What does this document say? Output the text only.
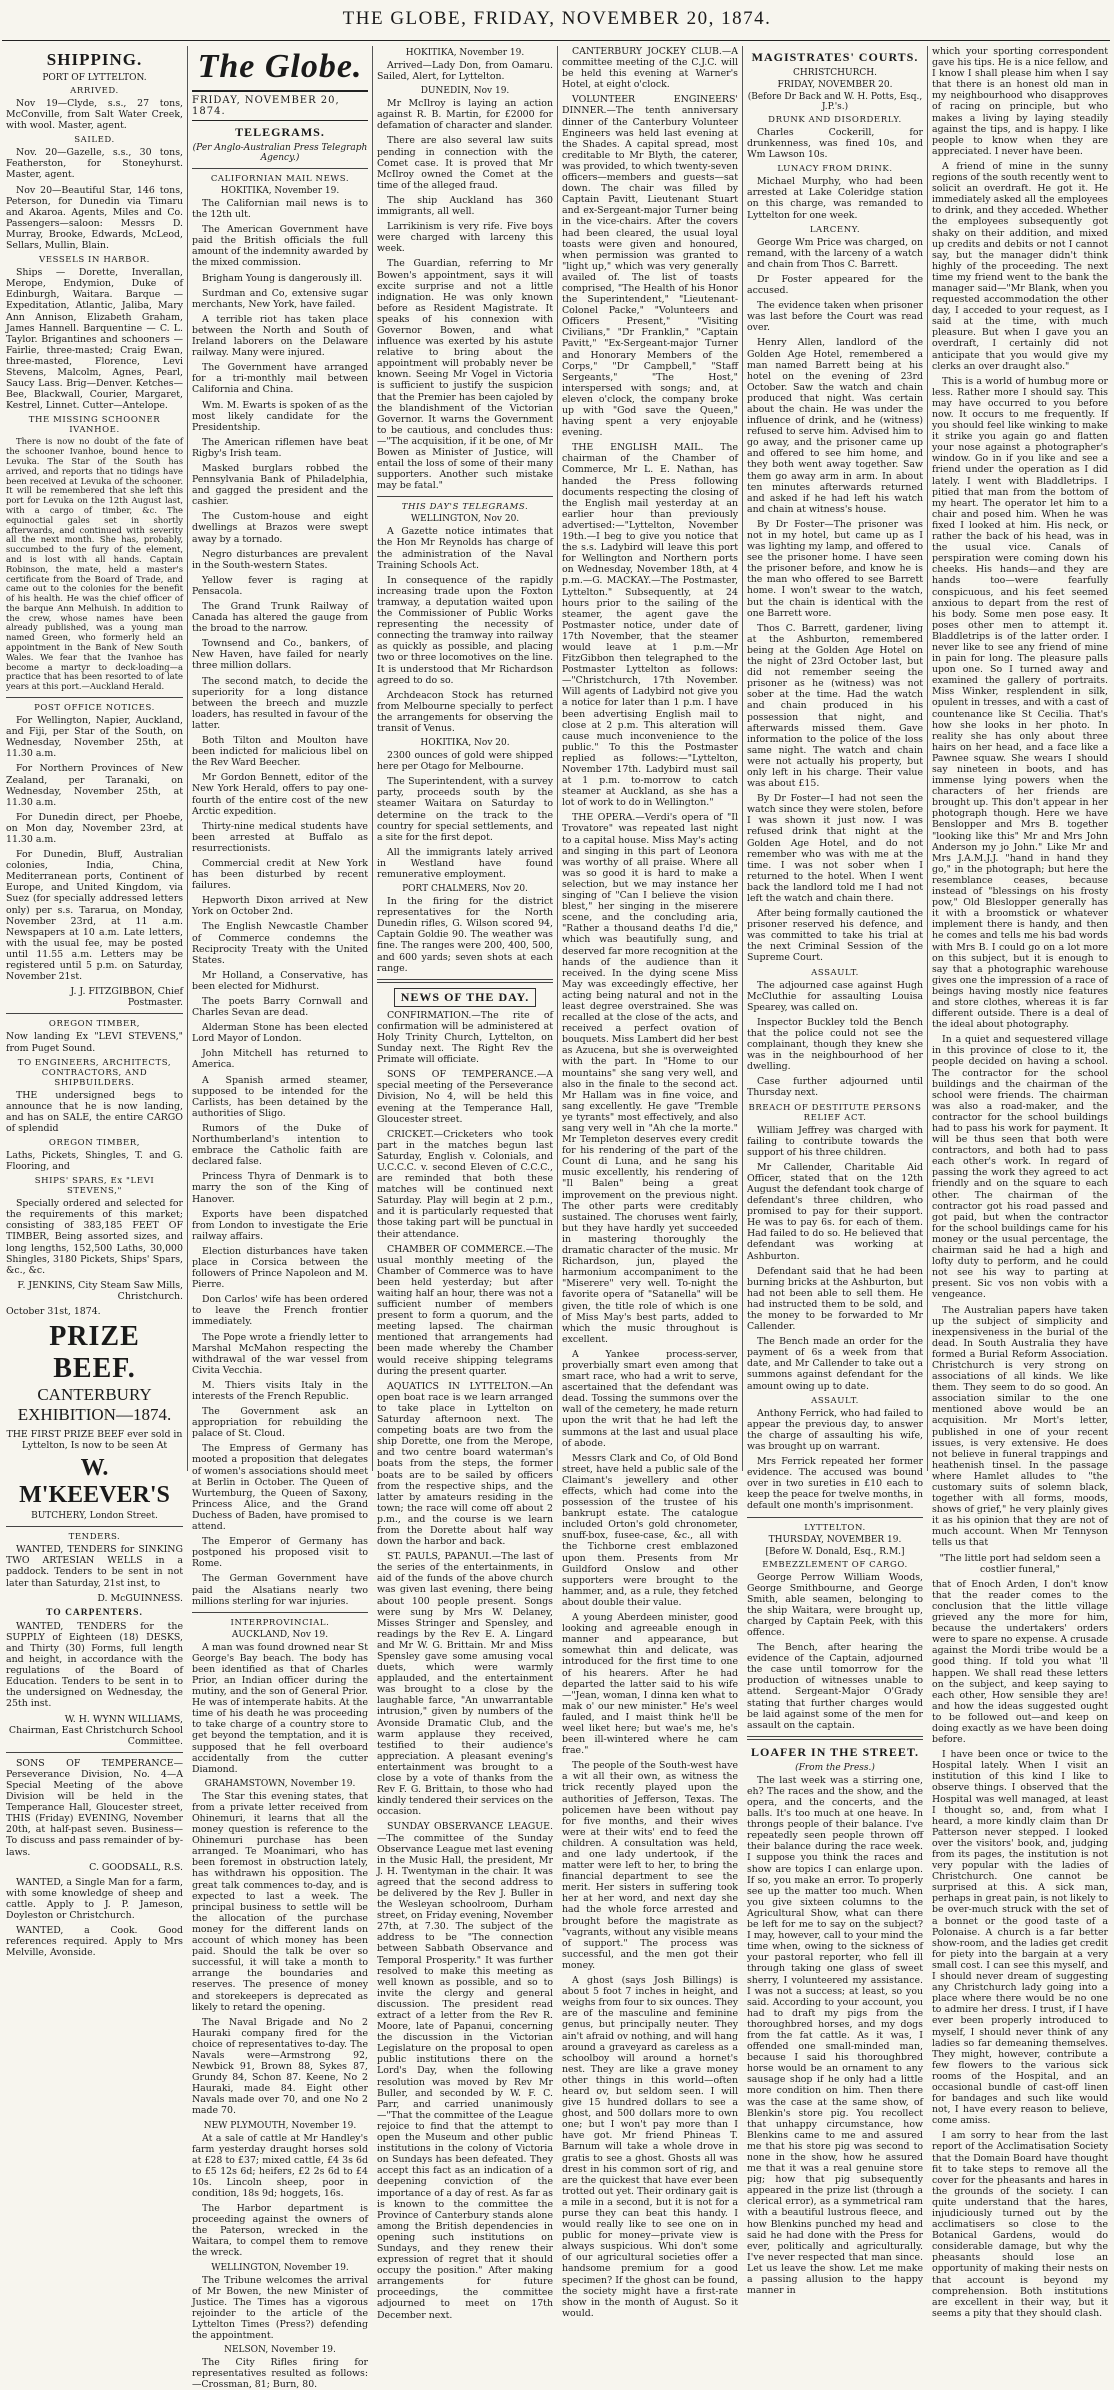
THE GLOBE, FRIDAY, NOVEMBER 20, 1874.
SHIPPING.
PORT OF LYTTELTON.
ARRIVED.

Nov 19—Clyde, s.s., 27 tons, McConville, from Salt Water Creek, with wool. Master, agent.

SAILED.

Nov. 20—Gazelle, s.s., 30 tons, Featherston, for Stoneyhurst. Master, agent.

Nov 20—Beautiful Star, 146 tons, Peterson, for Dunedin via Timaru and Akaroa. Agents, Miles and Co. Passengers—saloon: Messrs D. Murray, Brooke, Edwards, McLeod, Sellars, Mullin, Blain.

VESSELS IN HARBOR.

Ships — Dorette, Inverallan, Merope, Endymion, Duke of Edinburgh, Waitara. Barque — Expeditation, Atlantic, Jaliba, Mary Ann Annison, Elizabeth Graham, James Hannell. Barquentine — C. L. Taylor. Brigantines and schooners — Fairlie, three-masted; Craig Ewan, three-masted, Florence, Levi Stevens, Malcolm, Agnes, Pearl, Saucy Lass. Brig—Denver. Ketches—Bee, Blackwall, Courier, Margaret, Kestrel, Linnet. Cutter—Antelope.

THE MISSING SCHOONER IVANHOE.

There is now no doubt of the fate of the schooner Ivanhoe, bound hence to Levuka. The Star of the South has arrived, and reports that no tidings have been received at Levuka of the schooner. It will be remembered that she left this port for Levuka on the 12th August last, with a cargo of timber, &c. The equinoctial gales set in shortly afterwards, and continued with severity all the next month. She has, probably, succumbed to the fury of the element, and is lost with all hands. Captain Robinson, the mate, held a master's certificate from the Board of Trade, and came out to the colonies for the benefit of his health. He was the chief officer of the barque Ann Melhuish. In addition to the crew, whose names have been already published, was a young man named Green, who formerly held an appointment in the Bank of New South Wales. We fear that the Ivanhoe has become a martyr to deck-loading—a practice that has been resorted to of late years at this port.—Auckland Herald.

POST OFFICE NOTICES.

For Wellington, Napier, Auckland, and Fiji, per Star of the South, on Wednesday, November 25th, at 11.30 a.m.

For Northern Provinces of New Zealand, per Taranaki, on Wednesday, November 25th, at 11.30 a.m.

For Dunedin direct, per Phoebe, on Mon day, November 23rd, at 11.30 a.m.

For Dunedin, Bluff, Australian colonies, India, China, Mediterranean ports, Continent of Europe, and United Kingdom, via Suez (for specially addressed letters only) per s.s. Tararua, on Monday, November 23rd, at 11 a.m. Newspapers at 10 a.m. Late letters, with the usual fee, may be posted until 11.55 a.m. Letters may be registered until 5 p.m. on Saturday, November 21st.

J. J. FITZGIBBON, Chief Postmaster.

OREGON TIMBER,

Now landing Ex "LEVI STEVENS," from Puget Sound.

TO ENGINEERS, ARCHITECTS, CONTRACTORS, AND SHIPBUILDERS.

THE undersigned begs to announce that he is now landing, and has on SALE, the entire CARGO of splendid

OREGON TIMBER,

Laths, Pickets, Shingles, T. and G. Flooring, and

SHIPS' SPARS, Ex "LEVI STEVENS,"

Specially ordered and selected for the requirements of this market; consisting of 383,185 FEET OF TIMBER, Being assorted sizes, and long lengths, 152,500 Laths, 30,000 Shingles, 3180 Pickets, Ships' Spars, &c., &c.

F. JENKINS, City Steam Saw Mills, Christchurch.

October 31st, 1874.

PRIZE BEEF.
CANTERBURY EXHIBITION—1874.

THE FIRST PRIZE BEEF ever sold in Lyttelton, Is now to be seen At

W. M'KEEVER'S
BUTCHERY, London Street.
TENDERS.

WANTED, TENDERS for SINKING TWO ARTESIAN WELLS in a paddock. Tenders to be sent in not later than Saturday, 21st inst, to

D. McGUINNESS.

TO CARPENTERS.

WANTED, TENDERS for the SUPPLY of Eighteen (18) DESKS, and Thirty (30) Forms, full length and height, in accordance with the regulations of the Board of Education. Tenders to be sent in to the undersigned on Wednesday, the 25th inst.

W. H. WYNN WILLIAMS, Chairman, East Christchurch School Committee.

SONS OF TEMPERANCE—Perseverance Division, No. 4—A Special Meeting of the above Division will be held in the Temperance Hall, Gloucester street, THIS (Friday) EVENING, November 20th, at half-past seven. Business—To discuss and pass remainder of by-laws.

C. GOODSALL, R.S.

WANTED, a Single Man for a farm, with some knowledge of sheep and cattle. Apply to J. P. Jameson, Doyleston or Christchurch.

WANTED, a Cook. Good references required. Apply to Mrs Melville, Avonside.

The Globe.
FRIDAY, NOVEMBER 20, 1874.
TELEGRAMS.
(Per Anglo-Australian Press Telegraph Agency.)
CALIFORNIAN MAIL NEWS.
HOKITIKA, November 19.

The Californian mail news is to the 12th ult.

The American Government have paid the British officials the full amount of the indemnity awarded by the mixed commission.

Brigham Young is dangerously ill.

Surdman and Co, extensive sugar merchants, New York, have failed.

A terrible riot has taken place between the North and South of Ireland laborers on the Delaware railway. Many were injured.

The Government have arranged for a tri-monthly mail between California and China.

Wm. M. Ewarts is spoken of as the most likely candidate for the Presidentship.

The American riflemen have beat Rigby's Irish team.

Masked burglars robbed the Pennsylvania Bank of Philadelphia, and gagged the president and the cashier.

The Custom-house and eight dwellings at Brazos were swept away by a tornado.

Negro disturbances are prevalent in the South-western States.

Yellow fever is raging at Pensacola.

The Grand Trunk Railway of Canada has altered the gauge from the broad to the narrow.

Townsend and Co., bankers, of New Haven, have failed for nearly three million dollars.

The second match, to decide the superiority for a long distance between the breech and muzzle loaders, has resulted in favour of the latter.

Both Tilton and Moulton have been indicted for malicious libel on the Rev Ward Beecher.

Mr Gordon Bennett, editor of the New York Herald, offers to pay one-fourth of the entire cost of the new Arctic expedition.

Thirty-nine medical students have been arrested at Buffalo as resurrectionists.

Commercial credit at New York has been disturbed by recent failures.

Hepworth Dixon arrived at New York on October 2nd.

The English Newcastle Chamber of Commerce condemns the Reciprocity Treaty with the United States.

Mr Holland, a Conservative, has been elected for Midhurst.

The poets Barry Cornwall and Charles Sevan are dead.

Alderman Stone has been elected Lord Mayor of London.

John Mitchell has returned to America.

A Spanish armed steamer, supposed to be intended for the Carlists, has been detained by the authorities of Sligo.

Rumors of the Duke of Northumberland's intention to embrace the Catholic faith are declared false.

Princess Thyra of Denmark is to marry the son of the King of Hanover.

Exports have been dispatched from London to investigate the Erie railway affairs.

Election disturbances have taken place in Corsica between the followers of Prince Napoleon and M. Pierre.

Don Carlos' wife has been ordered to leave the French frontier immediately.

The Pope wrote a friendly letter to Marshal McMahon respecting the withdrawal of the war vessel from Civita Vecchia.

M. Thiers visits Italy in the interests of the French Republic.

The Government ask an appropriation for rebuilding the palace of St. Cloud.

The Empress of Germany has mooted a proposition that delegates of women's associations should meet at Berlin in October. The Queen of Wurtemburg, the Queen of Saxony, Princess Alice, and the Grand Duchess of Baden, have promised to attend.

The Emperor of Germany has postponed his proposed visit to Rome.

The German Government have paid the Alsatians nearly two millions sterling for war injuries.

INTERPROVINCIAL.
AUCKLAND, Nov 19.

A man was found drowned near St George's Bay beach. The body has been identified as that of Charles Prior, an Indian officer during the mutiny, and the son of General Prior. He was of intemperate habits. At the time of his death he was proceeding to take charge of a country store to get beyond the temptation, and it is supposed that he fell overboard accidentally from the cutter Diamond.

GRAHAMSTOWN, November 19.

The Star this evening states, that from a private letter received from Ohinemuri, it learns that all the money question is reference to the Ohinemuri purchase has been arranged. Te Moanimari, who has been foremost in obstruction lately, has withdrawn his opposition. The great talk commences to-day, and is expected to last a week. The principal business to settle will be the allocation of the purchase money for the different lands on account of which money has been paid. Should the talk be over so successful, it will take a month to arrange the boundaries and reserves. The presence of money and storekeepers is deprecated as likely to retard the opening.

The Naval Brigade and No 2 Hauraki company fired for the choice of representatives to-day. The Navals were—Armstrong 92, Newbick 91, Brown 88, Sykes 87, Grundy 84, Schon 87. Keene, No 2 Hauraki, made 84. Eight other Navals made over 70, and one No 2 made 70.

NEW PLYMOUTH, November 19.

At a sale of cattle at Mr Handley's farm yesterday draught horses sold at £28 to £37; mixed cattle, £4 3s 6d to £5 12s 6d; heifers, £2 2s 6d to £4 10s. Lincoln sheep, poor in condition, 18s 9d; hoggets, 16s.

The Harbor department is proceeding against the owners of the Paterson, wrecked in the Waitara, to compel them to remove the wreck.

WELLINGTON, November 19.

The Tribune welcomes the arrival of Mr Bowen, the new Minister of Justice. The Times has a vigorous rejoinder to the article of the Lyttelton Times (Press?) defending the appointment.

NELSON, November 19.

The City Rifles firing for representatives resulted as follows:—Crossman, 81; Burn, 80.

HOKITIKA, November 19.

Arrived—Lady Don, from Oamaru. Sailed, Alert, for Lyttelton.

DUNEDIN, Nov 19.

Mr McIlroy is laying an action against R. B. Martin, for £2000 for defamation of character and slander.

There are also several law suits pending in connection with the Comet case. It is proved that Mr McIlroy owned the Comet at the time of the alleged fraud.

The ship Auckland has 360 immigrants, all well.

Larrikinism is very rife. Five boys were charged with larceny this week.

The Guardian, referring to Mr Bowen's appointment, says it will excite surprise and not a little indignation. He was only known before as Resident Magistrate. It speaks of his connexion with Governor Bowen, and what influence was exerted by his astute relative to bring about the appointment will probably never be known. Seeing Mr Vogel in Victoria is sufficient to justify the suspicion that the Premier has been cajoled by the blandishment of the Victorian Governor. It warns the Government to be cautious, and concludes thus:—"The acquisition, if it be one, of Mr Bowen as Minister of Justice, will entail the loss of some of their many supporters. Another such mistake may be fatal."

THIS DAY'S TELEGRAMS.
WELLINGTON, Nov 20.

A Gazette notice intimates that the Hon Mr Reynolds has charge of the administration of the Naval Training Schools Act.

In consequence of the rapidly increasing trade upon the Foxton tramway, a deputation waited upon the Commissioner of Public Works representing the necessity of connecting the tramway into railway as quickly as possible, and placing two or three locomotives on the line. It is understood that Mr Richardson agreed to do so.

Archdeacon Stock has returned from Melbourne specially to perfect the arrangements for observing the transit of Venus.

HOKITIKA, Nov 20.

2300 ounces of gold were shipped here per Otago for Melbourne.

The Superintendent, with a survey party, proceeds south by the steamer Waitara on Saturday to determine on the track to the country for special settlements, and a site for the first depot.

All the immigrants lately arrived in Westland have found remunerative employment.

PORT CHALMERS, Nov 20.

In the firing for the district representatives for the North Dunedin rifles, G. Wilson scored 94, Captain Goldie 90. The weather was fine. The ranges were 200, 400, 500, and 600 yards; seven shots at each range.

NEWS OF THE DAY.

CONFIRMATION.—The rite of confirmation will be administered at Holy Trinity Church, Lyttelton, on Sunday next. The Right Rev the Primate will officiate.

SONS OF TEMPERANCE.—A special meeting of the Perseverance Division, No 4, will be held this evening at the Temperance Hall, Gloucester street.

CRICKET.—Cricketers who took part in the matches begun last Saturday, English v. Colonials, and U.C.C.C. v. second Eleven of C.C.C., are reminded that both these matches will be continued next Saturday. Play will begin at 2 p.m., and it is particularly requested that those taking part will be punctual in their attendance.

CHAMBER OF COMMERCE.—The usual monthly meeting of the Chamber of Commerce was to have been held yesterday; but after waiting half an hour, there was not a sufficient number of members present to form a quorum, and the meeting lapsed. The chairman mentioned that arrangements had been made whereby the Chamber would receive shipping telegrams during the present quarter.

AQUATICS IN LYTTELTON.—An open boat race is we learn arranged to take place in Lyttelton on Saturday afternoon next. The competing boats are two from the ship Dorette, one from the Merope, and two centre board waterman's boats from the steps, the former boats are to be sailed by officers from the respective ships, and the latter by amateurs residing in the town; the race will come off about 2 p.m., and the course is we learn from the Dorette about half way down the harbor and back.

ST. PAULS, PAPANUI.—The last of the series of the entertainments, in aid of the funds of the above church was given last evening, there being about 100 people present. Songs were sung by Mrs W. Delaney, Misses Stringer and Spensley, and readings by the Rev E. A. Lingard and Mr W. G. Brittain. Mr and Miss Spensley gave some amusing vocal duets, which were warmly applauded, and the entertainment was brought to a close by the laughable farce, "An unwarrantable intrusion," given by numbers of the Avonside Dramatic Club, and the warm applause they received, testified to their audience's appreciation. A pleasant evening's entertainment was brought to a close by a vote of thanks from the Rev F. G. Brittain, to those who had kindly tendered their services on the occasion.

SUNDAY OBSERVANCE LEAGUE.—The committee of the Sunday Observance League met last evening in the Music Hall, the president, Mr J. H. Twentyman in the chair. It was agreed that the second address to be delivered by the Rev J. Buller in the Wesleyan schoolroom, Durham street, on Friday evening, November 27th, at 7.30. The subject of the address to be "The connection between Sabbath Observance and Temporal Prosperity." It was further resolved to make this meeting as well known as possible, and so to invite the clergy and general discussion. The president read extract of a letter from the Rev R. Moore, late of Papanui, concerning the discussion in the Victorian Legislature on the proposal to open public institutions there on the Lord's Day, when the following resolution was moved by Rev Mr Buller, and seconded by W. F. C. Parr, and carried unanimously—"That the committee of the League rejoice to find that the attempt to open the Museum and other public institutions in the colony of Victoria on Sundays has been defeated. They accept this fact as an indication of a deepening conviction of the importance of a day of rest. As far as is known to the committee the Province of Canterbury stands alone among the British dependencies in opening such institutions on Sundays, and they renew their expression of regret that it should occupy the position." After making arrangements for future proceedings, the committee adjourned to meet on 17th December next.

CANTERBURY JOCKEY CLUB.—A committee meeting of the C.J.C. will be held this evening at Warner's Hotel, at eight o'clock.

VOLUNTEER ENGINEERS' DINNER.—The tenth anniversary dinner of the Canterbury Volunteer Engineers was held last evening at the Shades. A capital spread, most creditable to Mr Blyth, the caterer, was provided, to which twenty-seven officers—members and guests—sat down. The chair was filled by Captain Pavitt, Lieutenant Stuart and ex-Sergeant-major Turner being in the vice-chairs. After the covers had been cleared, the usual loyal toasts were given and honoured, when permission was granted to "light up," which was very generally availed of. The list of toasts comprised, "The Health of his Honor the Superintendent," "Lieutenant-Colonel Packe," "Volunteers and Officers Present," "Visiting Civilians," "Dr Franklin," "Captain Pavitt," "Ex-Sergeant-major Turner and Honorary Members of the Corps," "Dr Campbell," "Staff Sergeants," "The Host," interspersed with songs; and, at eleven o'clock, the company broke up with "God save the Queen," having spent a very enjoyable evening.

THE ENGLISH MAIL. The chairman of the Chamber of Commerce, Mr L. E. Nathan, has handed the Press following documents respecting the closing of the English mail yesterday at an earlier hour than previously advertised:—"Lyttelton, November 19th.—I beg to give you notice that the s.s. Ladybird will leave this port for Wellington and Northern ports on Wednesday, November 18th, at 4 p.m.—G. MACKAY.—The Postmaster, Lyttelton." Subsequently, at 24 hours prior to the sailing of the steamer, the agent gave the Postmaster notice, under date of 17th November, that the steamer would leave at 1 p.m.—Mr FitzGibbon then telegraphed to the Postmaster Lyttelton as follows:—"Christchurch, 17th November. Will agents of Ladybird not give you a notice for later than 1 p.m. I have been advertising English mail to close at 2 p.m. This alteration will cause much inconvenience to the public." To this the Postmaster replied as follows:—"Lyttelton, November 17th. Ladybird must sail at 1 p.m. to-morrow to catch steamer at Auckland, as she has a lot of work to do in Wellington."

THE OPERA.—Verdi's opera of "Il Trovatore" was repeated last night to a capital house. Miss May's acting and singing in this part of Leonora was worthy of all praise. Where all was so good it is hard to make a selection, but we may instance her singing of "Can I believe the vision blest," her singing in the miserere scene, and the concluding aria, "Rather a thousand deaths I'd die," which was beautifully sung, and deserved far more recognition at the hands of the audience than it received. In the dying scene Miss May was exceedingly effective, her acting being natural and not in the least degree overstrained. She was recalled at the close of the acts, and received a perfect ovation of bouquets. Miss Lambert did her best as Azucena, but she is overweighted with the part. In "Home to our mountains" she sang very well, and also in the finale to the second act. Mr Hallam was in fine voice, and sang excellently. He gave "Tremble ye tyrants" most effectively, and also sang very well in "Ah che la morte." Mr Templeton deserves every credit for his rendering of the part of the Count di Luna, and he sang his music excellently, his rendering of "Il Balen" being a great improvement on the previous night. The other parts were creditably sustained. The choruses went fairly, but they have hardly yet succeeded in mastering thoroughly the dramatic character of the music. Mr Richardson, jun, played the harmonium accompaniment to the "Miserere" very well. To-night the favorite opera of "Satanella" will be given, the title role of which is one of Miss May's best parts, added to which the music throughout is excellent.

A Yankee process-server, proverbially smart even among that smart race, who had a writ to serve, ascertained that the defendant was dead. Tossing the summons over the wall of the cemetery, he made return upon the writ that he had left the summons at the last and usual place of abode.

Messrs Clark and Co, of Old Bond street, have held a public sale of the Claimant's jewellery and other effects, which had come into the possession of the trustee of his bankrupt estate. The catalogue included Orton's gold chronometer, snuff-box, fusee-case, &c., all with the Tichborne crest emblazoned upon them. Presents from Mr Guildford Onslow and other supporters were brought to the hammer, and, as a rule, they fetched about double their value.

A young Aberdeen minister, good looking and agreeable enough in manner and appearance, but somewhat thin and delicate, was introduced for the first time to one of his hearers. After he had departed the latter said to his wife—"Jean, woman, I dinna ken what to mak o' our new minister." He's weel fauled, and I maist think he'll be weel liket here; but wae's me, he's been ill-wintered where he cam frae."

The people of the South-west have a wit all their own, as witness the trick recently played upon the authorities of Jefferson, Texas. The policemen have been without pay for five months, and their wives were at their wits' end to feed the children. A consultation was held, and one lady undertook, if the matter were left to her, to bring the financial department to see the merit. Her sisters in suffering took her at her word, and next day she had the whole force arrested and brought before the magistrate as "vagrants, without any visible means of support." The process was successful, and the men got their money.

A ghost (says Josh Billings) is about 5 foot 7 inches in height, and weighs from four to six ounces. They are of the masculine and feminine genus, but principally neuter. They ain't afraid ov nothing, and will hang around a graveyard as careless as a schoolboy will around a hornet's nest. They are like a grave money other things in this world—often heard ov, but seldom seen. I will give 15 hundred dollars to see a ghost, and 500 dollars more to own one; but I won't pay more than I have got. Mr friend Phineas T. Barnum will take a whole drove in gratis to see a ghost. Ghosts all was drest in his common sort of rig, and are the quickest that have ever been trotted out yet. Their ordinary gait is a mile in a second, but it is not for a purse they can beat this handy. I would really like to see one on in public for money—private view is always suspicious. Whi don't some of our agricultural societies offer a handsome premium for a good specimen? If the ghost can be found, the society might have a first-rate show in the month of August. So it would.

MAGISTRATES' COURTS.
CHRISTCHURCH.
FRIDAY, NOVEMBER 20.
(Before Dr Back and W. H. Potts, Esq., J.P.'s.)
DRUNK AND DISORDERLY.

Charles Cockerill, for drunkenness, was fined 10s, and Wm Lawson 10s.

LUNACY FROM DRINK.

Michael Murphy, who had been arrested at Lake Coleridge station on this charge, was remanded to Lyttelton for one week.

LARCENY.

George Wm Price was charged, on remand, with the larceny of a watch and chain from Thos C. Barrett.

Dr Foster appeared for the accused.

The evidence taken when prisoner was last before the Court was read over.

Henry Allen, landlord of the Golden Age Hotel, remembered a man named Barrett being at his hotel on the evening of 23rd October. Saw the watch and chain produced that night. Was certain about the chain. He was under the influence of drink, and he (witness) refused to serve him. Advised him to go away, and the prisoner came up and offered to see him home, and they both went away together. Saw them go away arm in arm. In about ten minutes afterwards returned and asked if he had left his watch and chain at witness's house.

By Dr Foster—The prisoner was not in my hotel, but came up as I was lighting my lamp, and offered to see the prisoner home. I have seen the prisoner before, and know he is the man who offered to see Barrett home. I won't swear to the watch, but the chain is identical with the one Barrett wore.

Thos C. Barrett, gardener, living at the Ashburton, remembered being at the Golden Age Hotel on the night of 23rd October last, but did not remember seeing the prisoner as he (witness) was not sober at the time. Had the watch and chain produced in his possession that night, and afterwards missed them. Gave information to the police of the loss same night. The watch and chain were not actually his property, but only left in his charge. Their value was about £15.

By Dr Foster—I had not seen the watch since they were stolen, before I was shown it just now. I was refused drink that night at the Golden Age Hotel, and do not remember who was with me at the time. I was not sober when I returned to the hotel. When I went back the landlord told me I had not left the watch and chain there.

After being formally cautioned the prisoner reserved his defence, and was committed to take his trial at the next Criminal Session of the Supreme Court.

ASSAULT.

The adjourned case against Hugh McCluthie for assaulting Louisa Spearey, was called on.

Inspector Buckley told the Bench that the police could not see the complainant, though they knew she was in the neighbourhood of her dwelling.

Case further adjourned until Thursday next.

BREACH OF DESTITUTE PERSONS RELIEF ACT.

William Jeffrey was charged with failing to contribute towards the support of his three children.

Mr Callender, Charitable Aid Officer, stated that on the 12th August the defendant took charge of defendant's three children, who promised to pay for their support. He was to pay 6s. for each of them. Had failed to do so. He believed that defendant was working at Ashburton.

Defendant said that he had been burning bricks at the Ashburton, but had not been able to sell them. He had instructed them to be sold, and the money to be forwarded to Mr Callender.

The Bench made an order for the payment of 6s a week from that date, and Mr Callender to take out a summons against defendant for the amount owing up to date.

ASSAULT.

Anthony Ferrick, who had failed to appear the previous day, to answer the charge of assaulting his wife, was brought up on warrant.

Mrs Ferrick repeated her former evidence. The accused was bound over in two sureties in £10 each to keep the peace for twelve months, in default one month's imprisonment.

LYTTELTON.
THURSDAY, NOVEMBER 19.
[Before W. Donald, Esq., R.M.]
EMBEZZLEMENT OF CARGO.

George Perrow William Woods, George Smithbourne, and George Smith, able seamen, belonging to the ship Waitara, were brought up, charged by Captain Peek, with this offence.

The Bench, after hearing the evidence of the Captain, adjourned the case until tomorrow for the production of witnesses unable to attend. Sergeant-Major O'Grady stating that further charges would be laid against some of the men for assault on the captain.

LOAFER IN THE STREET.
(From the Press.)

The last week was a stirring one, eh? The races and the show, and the opera, and the concerts, and the balls. It's too much at one heave. In throngs people of their balance. I've repeatedly seen people thrown off their balance during the race week. I suppose you think the races and show are topics I can enlarge upon. If so, you make an error. To properly see up the matter too much. When you give sixteen columns to the Agricultural Show, what can there be left for me to say on the subject? I may, however, call to your mind the time when, owing to the sickness of your pastoral reporter, who fell ill through taking one glass of sweet sherry, I volunteered my assistance. I was not a success; at least, so you said. According to your account, you had to draft my pigs from the thoroughbred horses, and my dogs from the fat cattle. As it was, I offended one small-minded man, because I said his thoroughbred horse would be an ornament to any sausage shop if he only had a little more condition on him. Then there was the case at the same show, of Blenkin's store pig. You recollect that unhappy circumstance, how Blenkins came to me and assured me that his store pig was second to none in the show, how he assured me that it was a real genuine store pig; how that pig subsequently appeared in the prize list (through a clerical error), as a symmetrical ram with a beautiful lustrous fleece, and how Blenkins punched my head and said he had done with the Press for ever, politically and agriculturally. I've never respected that man since. Let us leave the show. Let me make a passing allusion to the happy manner in

which your sporting correspondent gave his tips. He is a nice fellow, and I know I shall please him when I say that there is an honest old man in my neighbourhood who disapproves of racing on principle, but who makes a living by laying steadily against the tips, and is happy. I like people to know when they are appreciated. I never have been.

A friend of mine in the sunny regions of the south recently went to solicit an overdraft. He got it. He immediately asked all the employees to drink, and they acceded. Whether the employees subsequently got shaky on their addition, and mixed up credits and debits or not I cannot say, but the manager didn't think highly of the proceeding. The next time my friend went to the bank the manager said—"Mr Blank, when you requested accommodation the other day, I acceded to your request, as I said at the time, with much pleasure. But when I gave you an overdraft, I certainly did not anticipate that you would give my clerks an over draught also."

This is a world of humbug more or less. Rather more I should say. This may have occurred to you before now. It occurs to me frequently. If you should feel like winking to make it strike you again go and flatten your nose against a photographer's window. Go in if you like and see a friend under the operation as I did lately. I went with Bladdletrips. I pitied that man from the bottom of my heart. The operator let him to a chair and posed him. When he was fixed I looked at him. His neck, or rather the back of his head, was in the usual vice. Canals of perspiration were coming down his cheeks. His hands—and they are hands too—were fearfully conspicuous, and his feet seemed anxious to depart from the rest of his body. Some men pose easy. It poses other men to attempt it. Bladdletrips is of the latter order. I never like to see any friend of mine in pain for long. The pleasure palls upon one. So I turned away and examined the gallery of portraits. Miss Winker, resplendent in silk, opulent in tresses, and with a cast of countenance like St Cecilia. That's how she looks in her photo. In reality she has only about three hairs on her head, and a face like a Pawnee squaw. She wears I should say nineteen in boots, and has immense lying powers when the characters of her friends are brought up. This don't appear in her photograph though. Here we have Benslopper and Mrs B. together "looking like this" Mr and Mrs John Anderson my jo John." Like Mr and Mrs J.A.M.J.J. "hand in hand they go," in the photograph; but here the resemblance ceases, because instead of "blessings on his frosty pow," Old Bleslopper generally has it with a broomstick or whatever implement there is handy, and then he comes and tells me his bad words with Mrs B. I could go on a lot more on this subject, but it is enough to say that a photographic warehouse gives one the impression of a race of beings having mostly nice features and store clothes, whereas it is far different outside. There is a deal of the ideal about photography.

In a quiet and sequestered village in this province of close to it, the people decided on having a school. The contractor for the school buildings and the chairman of the school were friends. The chairman was also a road-maker, and the contractor for the school buildings had to pass his work for payment. It will be thus seen that both were contractors, and both had to pass each other's work. In regard of passing the work they agreed to act friendly and on the square to each other. The chairman of the contractor got his road passed and got paid, but when the contractor for the school buildings came for his money or the usual percentage, the chairman said he had a high and lofty duty to perform, and he could not see his way to parting at present. Sic vos non vobis with a vengeance.

The Australian papers have taken up the subject of simplicity and inexpensiveness in the burial of the dead. In South Australia they have formed a Burial Reform Association. Christchurch is very strong on associations of all kinds. We like them. They seem to do so good. An association similar to the one mentioned above would be an acquisition. Mr Mort's letter, published in one of your recent issues, is very extensive. He does not believe in funeral trappings and heathenish tinsel. In the passage where Hamlet alludes to "the customary suits of solemn black, together with all forms, moods, shows of grief," he very plainly gives it as his opinion that they are not of much account. When Mr Tennyson tells us that

"The little port had seldom seen a costlier funeral,"

that of Enoch Arden, I don't know that the reader comes to the conclusion that the little village grieved any the more for him, because the undertakers' orders were to spare no expense. A crusade against the Mordi tribe would be a good thing. If told you what 'll happen. We shall read these letters on the subject, and keep saying to each other, How sensible they are! and how the ideas suggested ought to be followed out—and keep on doing exactly as we have been doing before.

I have been once or twice to the Hospital lately. When I visit an institution of this kind I like to observe things. I observed that the Hospital was well managed, at least I thought so, and, from what I heard, a more kindly claim than Dr Patterson never stepped. I looked over the visitors' book, and, judging from its pages, the institution is not very popular with the ladies of Christchurch. One cannot be surprised at this. A sick man, perhaps in great pain, is not likely to be over-much struck with the set of a bonnet or the good taste of a Polonaise. A church is a far better show-room, and the ladies get credit for piety into the bargain at a very small cost. I can see this myself, and I should never dream of suggesting any Christchurch lady going into a place where there would be no one to admire her dress. I trust, if I have ever been properly introduced to myself, I should never think of any ladies so far demeaning themselves. They might, however, contribute a few flowers to the various sick rooms of the Hospital, and an occasional bundle of cast-off linen for bandages and such like would not, I have every reason to believe, come amiss.

I am sorry to hear from the last report of the Acclimatisation Society that the Domain Board have thought fit to take steps to remove all the cover for the pheasants and hares in the grounds of the society. I can quite understand that the hares, injudiciously turned out by the acclimatisers so close to the Botanical Gardens, would do considerable damage, but why the pheasants should lose an opportunity of making their nests on that account is beyond my comprehension. Both institutions are excellent in their way, but it seems a pity that they should clash.
